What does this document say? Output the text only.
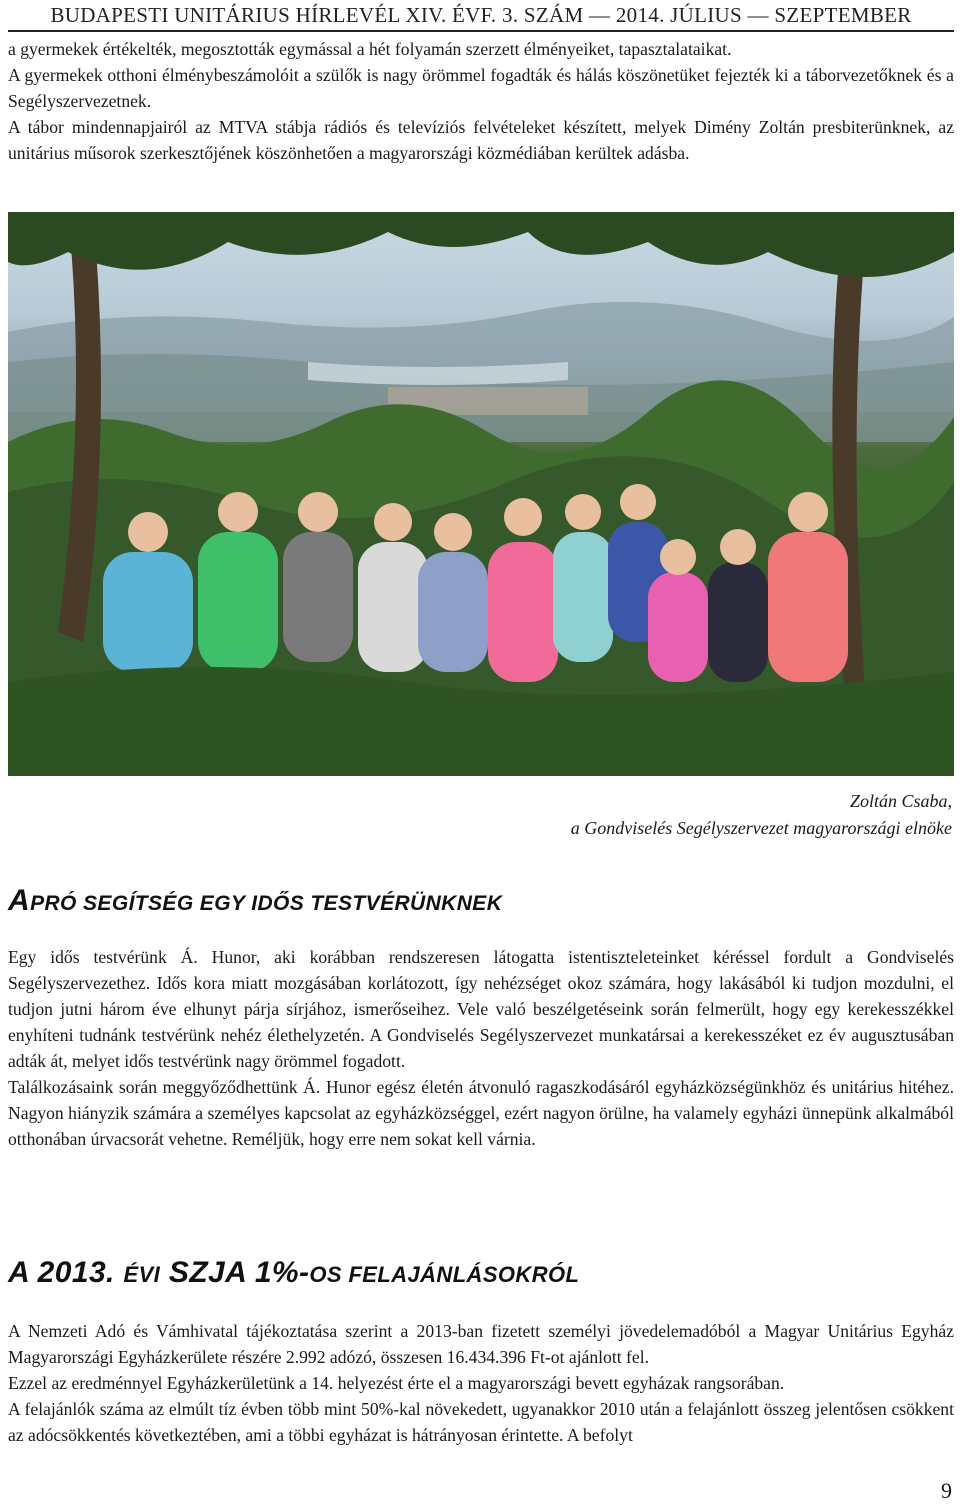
BUDAPESTI UNITÁRIUS HÍRLEVÉL XIV. ÉVF. 3. SZÁM — 2014. JÚLIUS — SZEPTEMBER

a gyermekek értékelték, megosztották egymással a hét folyamán szerzett élményeiket, tapasztalataikat.

A gyermekek otthoni élménybeszámolóit a szülők is nagy örömmel fogadták és hálás köszönetüket fejezték ki a táborvezetőknek és a Segélyszervezetnek.

A tábor mindennapjairól az MTVA stábja rádiós és televíziós felvételeket készített, melyek Dimény Zoltán presbiterünknek, az unitárius műsorok szerkesztőjének köszönhetően a magyarországi közmédiában kerültek adásba.

Zoltán Csaba,
a Gondviselés Segélyszervezet magyarországi elnöke
APRÓ SEGÍTSÉG EGY IDŐS TESTVÉRÜNKNEK

Egy idős testvérünk Á. Hunor, aki korábban rendszeresen látogatta istentiszteleteinket kéréssel fordult a Gondviselés Segélyszervezethez. Idős kora miatt mozgásában korlátozott, így nehézséget okoz számára, hogy lakásából ki tudjon mozdulni, el tudjon jutni három éve elhunyt párja sírjához, ismerőseihez. Vele való beszélgetéseink során felmerült, hogy egy kerekesszékkel enyhíteni tudnánk testvérünk nehéz élethelyzetén. A Gondviselés Segélyszervezet munkatársai a kerekesszéket ez év augusztusában adták át, melyet idős testvérünk nagy örömmel fogadott.

Találkozásaink során meggyőződhettünk Á. Hunor egész életén átvonuló ragaszkodásáról egyházközségünkhöz és unitárius hitéhez. Nagyon hiányzik számára a személyes kapcsolat az egyházközséggel, ezért nagyon örülne, ha valamely egyházi ünnepünk alkalmából otthonában úrvacsorát vehetne. Reméljük, hogy erre nem sokat kell várnia.

A 2013. ÉVI SZJA 1%-OS FELAJÁNLÁSOKRÓL

A Nemzeti Adó és Vámhivatal tájékoztatása szerint a 2013-ban fizetett személyi jövedelemadóból a Magyar Unitárius Egyház Magyarországi Egyházkerülete részére 2.992 adózó, összesen 16.434.396 Ft-ot ajánlott fel.

Ezzel az eredménnyel Egyházkerületünk a 14. helyezést érte el a magyarországi bevett egyházak rangsorában.

A felajánlók száma az elmúlt tíz évben több mint 50%-kal növekedett, ugyanakkor 2010 után a felajánlott összeg jelentősen csökkent az adócsökkentés következtében, ami a többi egyházat is hátrányosan érintette. A befolyt

9
